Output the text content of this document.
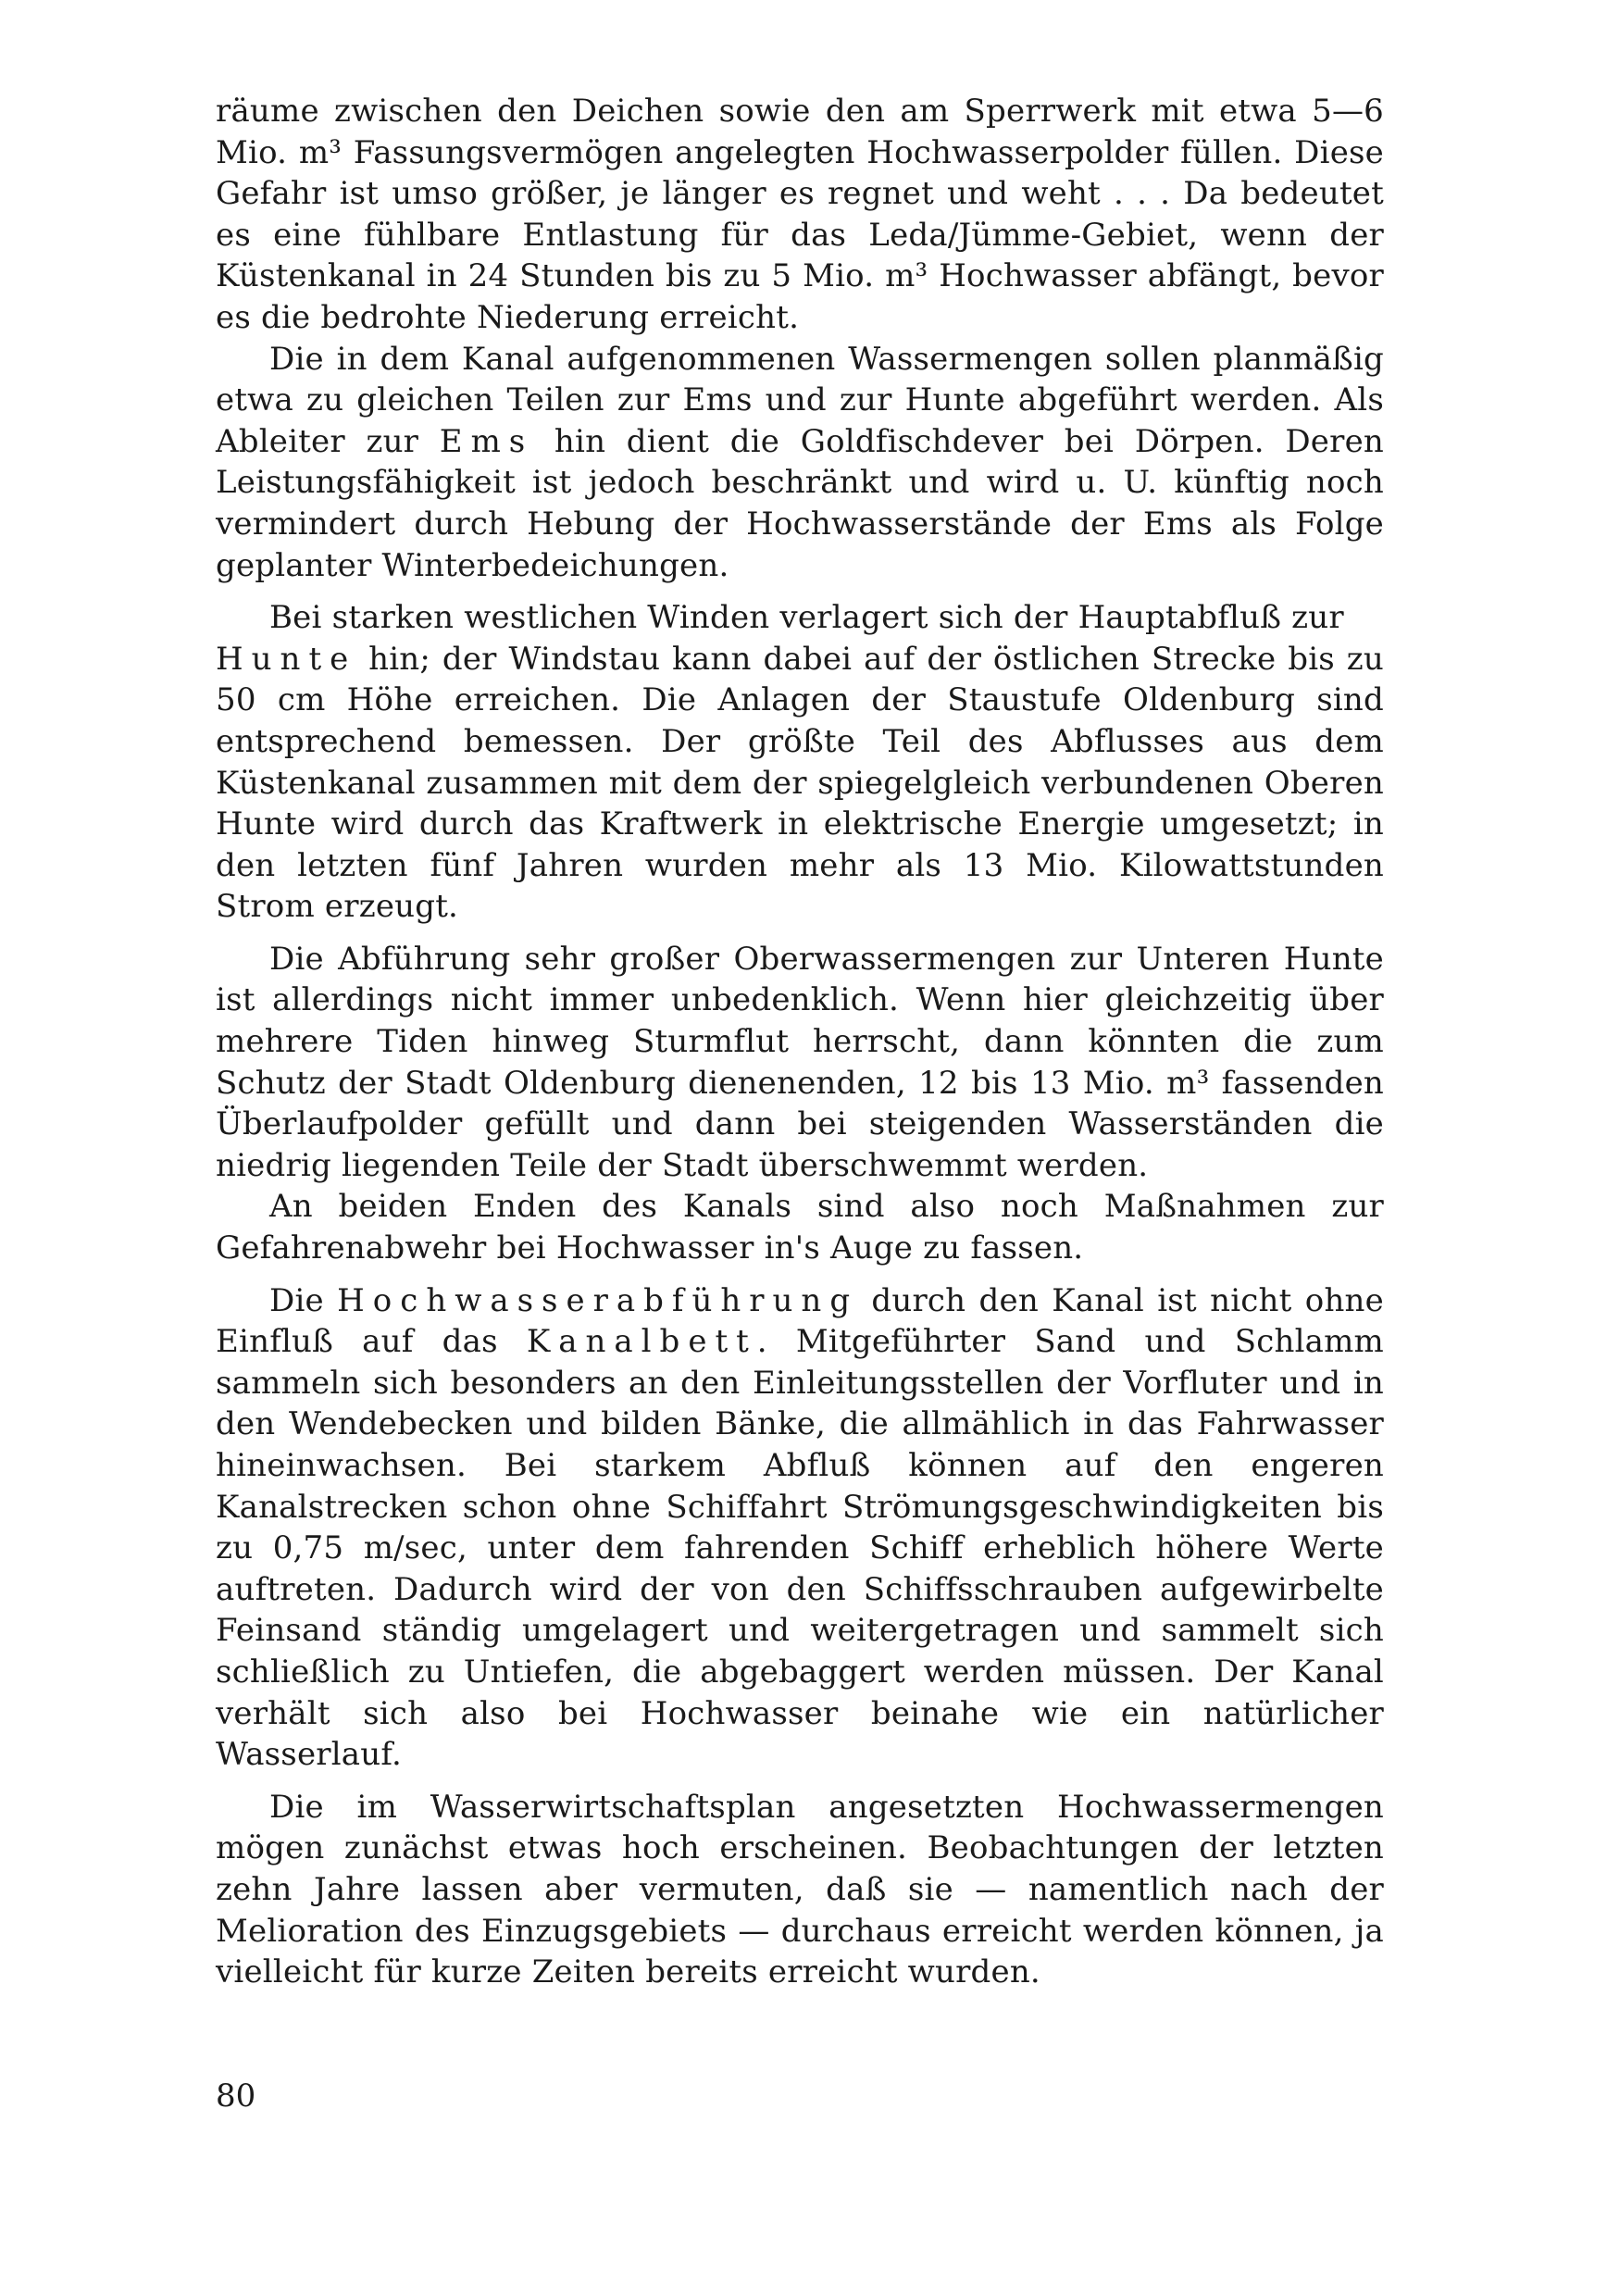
räume zwischen den Deichen sowie den am Sperrwerk mit etwa 5—6 Mio. m³ Fassungsvermögen angelegten Hochwasserpolder füllen. Diese Gefahr ist umso größer, je länger es regnet und weht . . . Da bedeutet es eine fühlbare Entlastung für das Leda/Jümme-Gebiet, wenn der Küstenkanal in 24 Stunden bis zu 5 Mio. m³ Hochwasser abfängt, bevor es die bedrohte Niederung erreicht.

Die in dem Kanal aufgenommenen Wassermengen sollen planmäßig etwa zu gleichen Teilen zur Ems und zur Hunte abgeführt werden. Als Ableiter zur Ems hin dient die Goldfischdever bei Dörpen. Deren Leistungsfähigkeit ist jedoch beschränkt und wird u. U. künftig noch vermindert durch Hebung der Hochwasserstände der Ems als Folge geplanter Winterbedeichungen.

Bei starken westlichen Winden verlagert sich der Hauptabfluß zur
Hunte hin; der Windstau kann dabei auf der östlichen Strecke bis zu 50 cm Höhe erreichen. Die Anlagen der Staustufe Oldenburg sind entsprechend bemessen. Der größte Teil des Abflusses aus dem Küstenkanal zusammen mit dem der spiegelgleich verbundenen Oberen Hunte wird durch das Kraftwerk in elektrische Energie umgesetzt; in den letzten fünf Jahren wurden mehr als 13 Mio. Kilowattstunden Strom erzeugt.

Die Abführung sehr großer Oberwassermengen zur Unteren Hunte ist allerdings nicht immer unbedenklich. Wenn hier gleichzeitig über mehrere Tiden hinweg Sturmflut herrscht, dann könnten die zum Schutz der Stadt Oldenburg dienenenden, 12 bis 13 Mio. m³ fassenden Überlaufpolder gefüllt und dann bei steigenden Wasserständen die niedrig liegenden Teile der Stadt überschwemmt werden.

An beiden Enden des Kanals sind also noch Maßnahmen zur Gefahrenabwehr bei Hochwasser in's Auge zu fassen.

Die Hochwasserabführung durch den Kanal ist nicht ohne Einfluß auf das Kanalbett. Mitgeführter Sand und Schlamm sammeln sich besonders an den Einleitungsstellen der Vorfluter und in den Wendebecken und bilden Bänke, die allmählich in das Fahrwasser hineinwachsen. Bei starkem Abfluß können auf den engeren Kanalstrecken schon ohne Schiffahrt Strömungsgeschwindigkeiten bis zu 0,75 m/sec, unter dem fahrenden Schiff erheblich höhere Werte auftreten. Dadurch wird der von den Schiffsschrauben aufgewirbelte Feinsand ständig umgelagert und weitergetragen und sammelt sich schließlich zu Untiefen, die abgebaggert werden müssen. Der Kanal verhält sich also bei Hochwasser beinahe wie ein natürlicher Wasserlauf.

Die im Wasserwirtschaftsplan angesetzten Hochwassermengen mögen zunächst etwas hoch erscheinen. Beobachtungen der letzten zehn Jahre lassen aber vermuten, daß sie — namentlich nach der Melioration des Einzugsgebiets — durchaus erreicht werden können, ja vielleicht für kurze Zeiten bereits erreicht wurden.

80
